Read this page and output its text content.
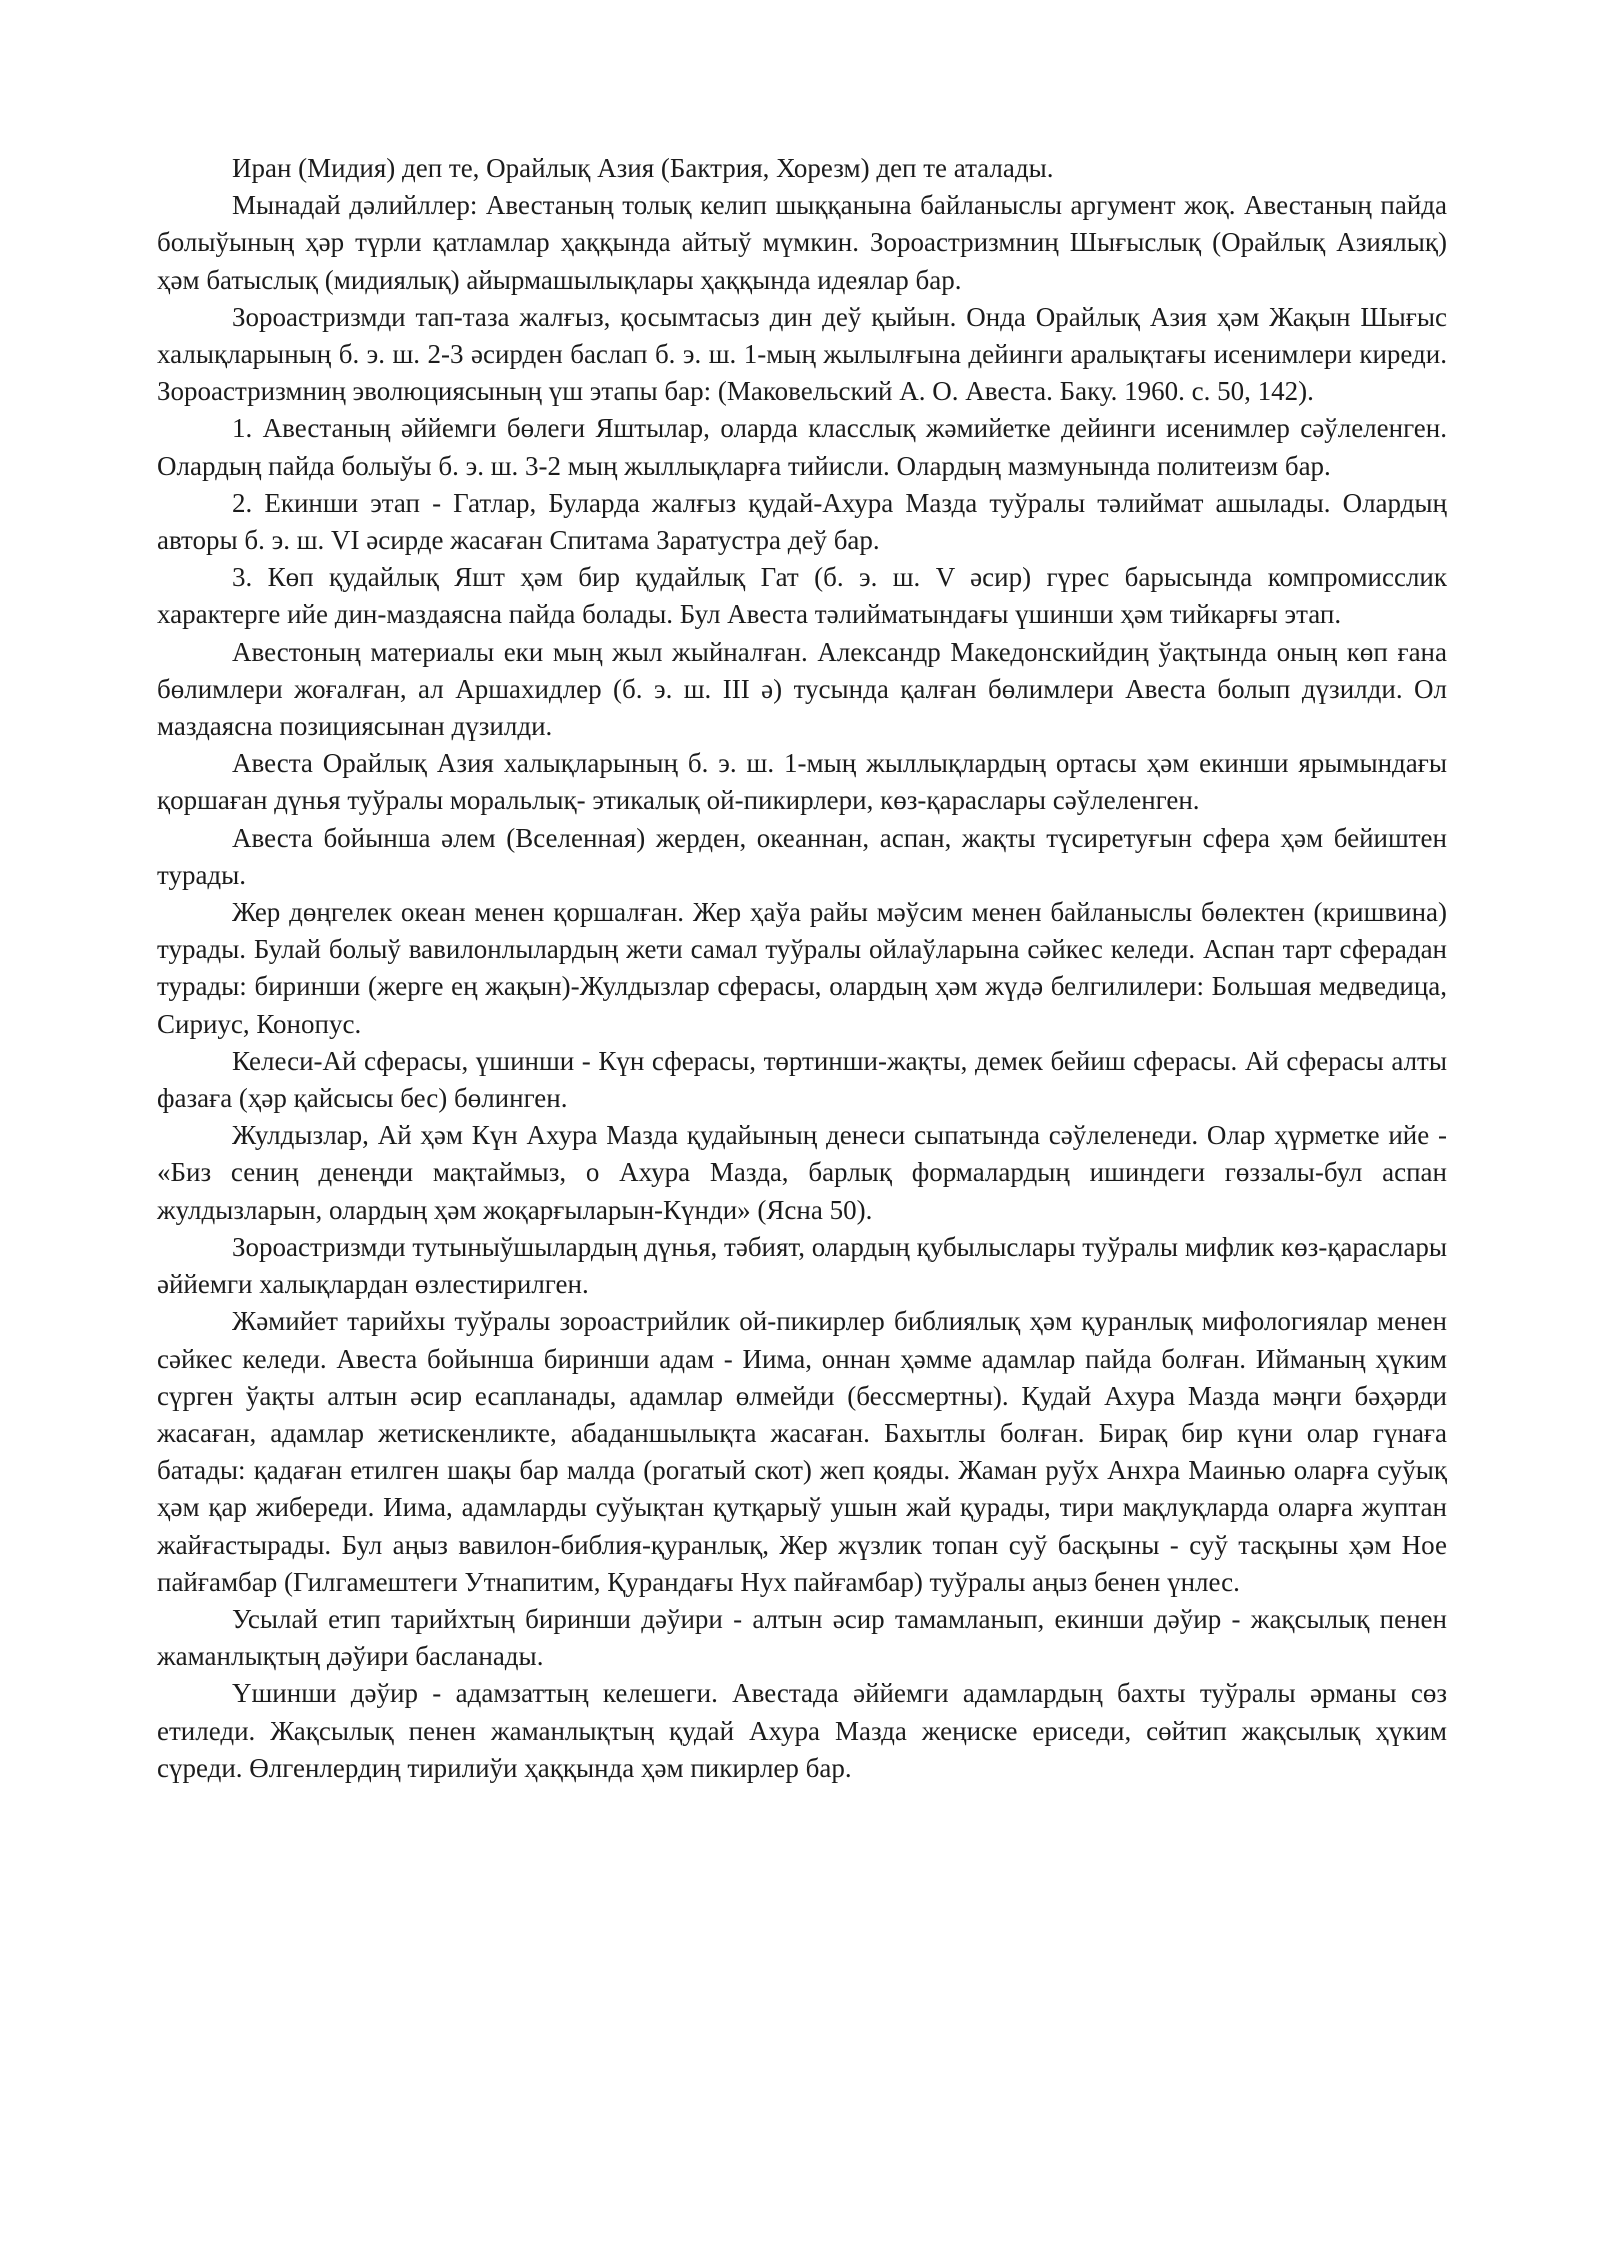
Иран (Мидия) деп те, Орайлық Азия (Бактрия, Хорезм) деп те аталады.

Мынадай дәлийллер: Авестаның толық келип шыққанына байланыслы аргумент жоқ. Авестаның пайда болыўының ҳәр түрли қатламлар ҳаққында айтыў мүмкин. Зороастризмниң Шығыслық (Орайлық Азиялық) ҳәм батыслық (мидиялық) айырмашылықлары ҳаққында идеялар бар.

Зороастризмди тап-таза жалғыз, қосымтасыз дин деў қыйын. Онда Орайлық Азия ҳәм Жақын Шығыс халықларының б. э. ш. 2-3 әсирден баслап б. э. ш. 1-мың жылылғына дейинги аралықтағы исенимлери киреди. Зороастризмниң эволюциясының үш этапы бар: (Маковельский А. О. Авеста. Баку. 1960. с. 50, 142).

1. Авестаның әййемги бөлеги Яштылар, оларда класслық жәмийетке дейинги исенимлер сәўлеленген. Олардың пайда болыўы б. э. ш. 3-2 мың жыллықларға тийисли. Олардың мазмунында политеизм бар.

2. Екинши этап - Гатлар, Буларда жалғыз қудай-Ахура Мазда туўралы тәлиймат ашылады. Олардың авторы б. э. ш. VI әсирде жасаған Спитама Заратустра деў бар.

3. Көп қудайлық Яшт ҳәм бир қудайлық Гат (б. э. ш. V әсир) гүрес барысында компромисслик характерге ийе дин-маздаясна пайда болады. Бул Авеста тәлийматындағы үшинши ҳәм тийкарғы этап.

Авестоның материалы еки мың жыл жыйналған. Александр Македонскийдиң ўақтында оның көп ғана бөлимлери жоғалған, ал Аршахидлер (б. э. ш. III ә) тусында қалған бөлимлери Авеста болып дүзилди. Ол маздаясна позициясынан дүзилди.

Авеста Орайлық Азия халықларының б. э. ш. 1-мың жыллықлардың ортасы ҳәм екинши ярымындағы қоршаған дүнья туўралы моральлық- этикалық ой-пикирлери, көз-қараслары сәўлеленген.

Авеста бойынша әлем (Вселенная) жерден, океаннан, аспан, жақты түсиретуғын сфера ҳәм бейиштен турады.

Жер дөңгелек океан менен қоршалған. Жер ҳаўа райы мәўсим менен байланыслы бөлектен (кришвина) турады. Булай болыў вавилонлылардың жети самал туўралы ойлаўларына сәйкес келеди. Аспан тарт сферадан турады: биринши (жерге ең жақын)-Жулдызлар сферасы, олардың ҳәм жүдә белгилилери: Большая медведица, Сириус, Конопус.

Келеси-Ай сферасы, үшинши - Күн сферасы, төртинши-жақты, демек бейиш сферасы. Ай сферасы алты фазаға (ҳәр қайсысы бес) бөлинген.

Жулдызлар, Ай ҳәм Күн Ахура Мазда қудайының денеси сыпатында сәўлеленеди. Олар ҳүрметке ийе - «Биз сениң денеңди мақтаймыз, о Ахура Мазда, барлық формалардың ишиндеги гөззалы-бул аспан жулдызларын, олардың ҳәм жоқарғыларын-Күнди» (Ясна 50).

Зороастризмди тутыныўшылардың дүнья, тәбият, олардың қубылыслары туўралы мифлик көз-қараслары әййемги халықлардан өзлестирилген.

Жәмийет тарийхы туўралы зороастрийлик ой-пикирлер библиялық ҳәм қуранлық мифологиялар менен сәйкес келеди. Авеста бойынша биринши адам - Иима, оннан ҳәмме адамлар пайда болған. Ийманың ҳүким сүрген ўақты алтын әсир есапланады, адамлар өлмейди (бессмертны). Қудай Ахура Мазда мәңги бәҳәрди жасаған, адамлар жетискенликте, абаданшылықта жасаған. Бахытлы болған. Бирақ бир күни олар гүнаға батады: қадаған етилген шақы бар малда (рогатый скот) жеп қояды. Жаман руўх Анхра Маинью оларға суўық ҳәм қар жибереди. Иима, адамларды суўықтан қутқарыў ушын жай қурады, тири мақлуқларда оларға жуптан жайғастырады. Бул аңыз вавилон-библия-қуранлық, Жер жүзлик топан суў басқыны - суў тасқыны ҳәм Ное пайғамбар (Гилгамештеги Утнапитим, Қурандағы Нух пайғамбар) туўралы аңыз бенен үнлес.

Усылай етип тарийхтың биринши дәўири - алтын әсир тамамланып, екинши дәўир - жақсылық пенен жаманлықтың дәўири басланады.

Үшинши дәўир - адамзаттың келешеги. Авестада әййемги адамлардың бахты туўралы әрманы сөз етиледи. Жақсылық пенен жаманлықтың қудай Ахура Мазда жеңиске ериседи, сөйтип жақсылық ҳүким сүреди. Өлгенлердиң тирилиўи ҳаққында ҳәм пикирлер бар.
